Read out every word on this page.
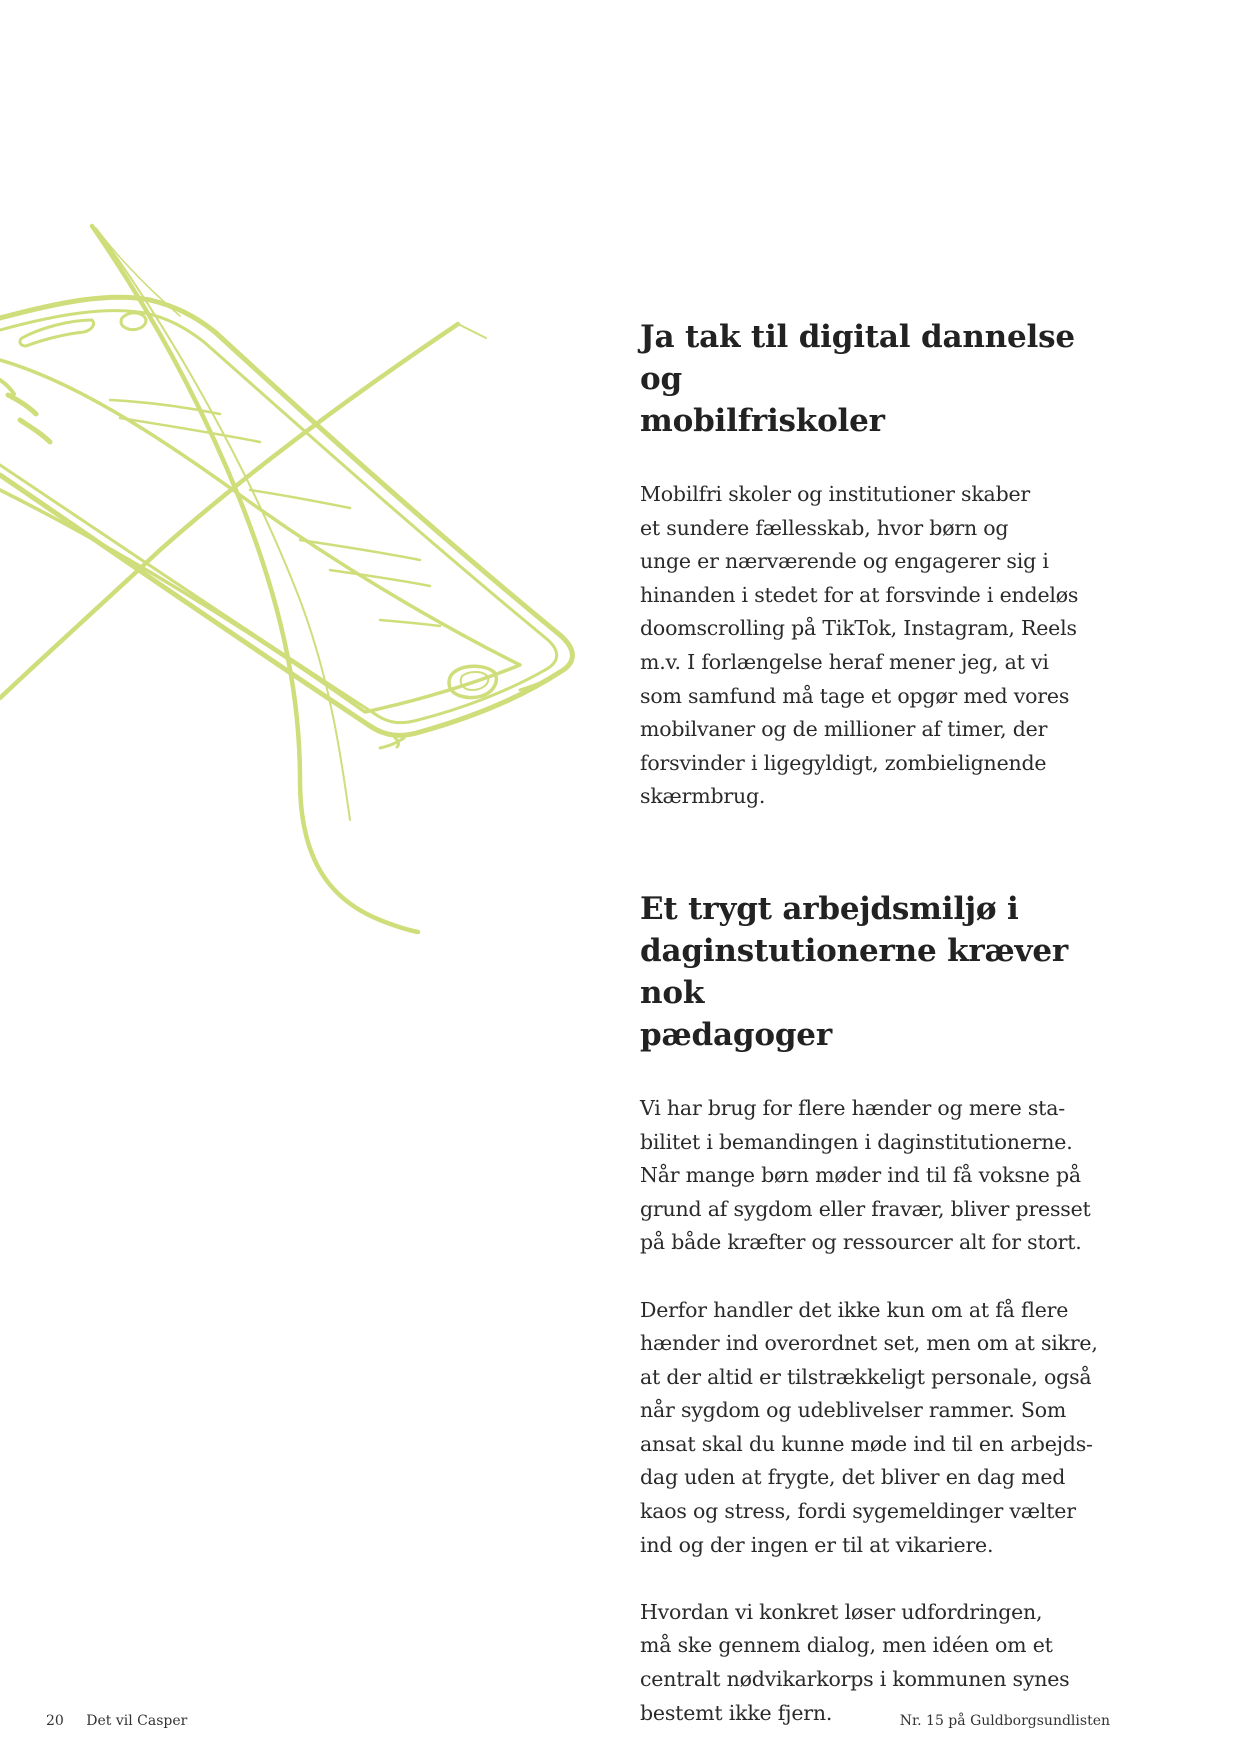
Ja tak til digital dannelse og
mobilfriskoler

Mobilfri skoler og institutioner skaber
et sundere fællesskab, hvor børn og
unge er nærværende og engagerer sig i
hinanden i stedet for at forsvinde i endeløs
doomscrolling på TikTok, Instagram, Reels
m.v. I forlængelse heraf mener jeg, at vi
som samfund må tage et opgør med vores
mobilvaner og de millioner af timer, der
forsvinder i ligegyldigt, zombielignende
skærmbrug.

Et trygt arbejdsmiljø i
daginstutionerne kræver nok
pædagoger

Vi har brug for flere hænder og mere sta-
bilitet i bemandingen i daginstitutionerne.
Når mange børn møder ind til få voksne på
grund af sygdom eller fravær, bliver presset
på både kræfter og ressourcer alt for stort.

Derfor handler det ikke kun om at få flere
hænder ind overordnet set, men om at sikre,
at der altid er tilstrækkeligt personale, også
når sygdom og udeblivelser rammer. Som
ansat skal du kunne møde ind til en arbejds-
dag uden at frygte, det bliver en dag med
kaos og stress, fordi sygemeldinger vælter
ind og der ingen er til at vikariere.

Hvordan vi konkret løser udfordringen,
må ske gennem dialog, men idéen om et
centralt nødvikarkorps i kommunen synes
bestemt ikke fjern.

20 Det vil Casper	Nr. 15 på Guldborgsundlisten
